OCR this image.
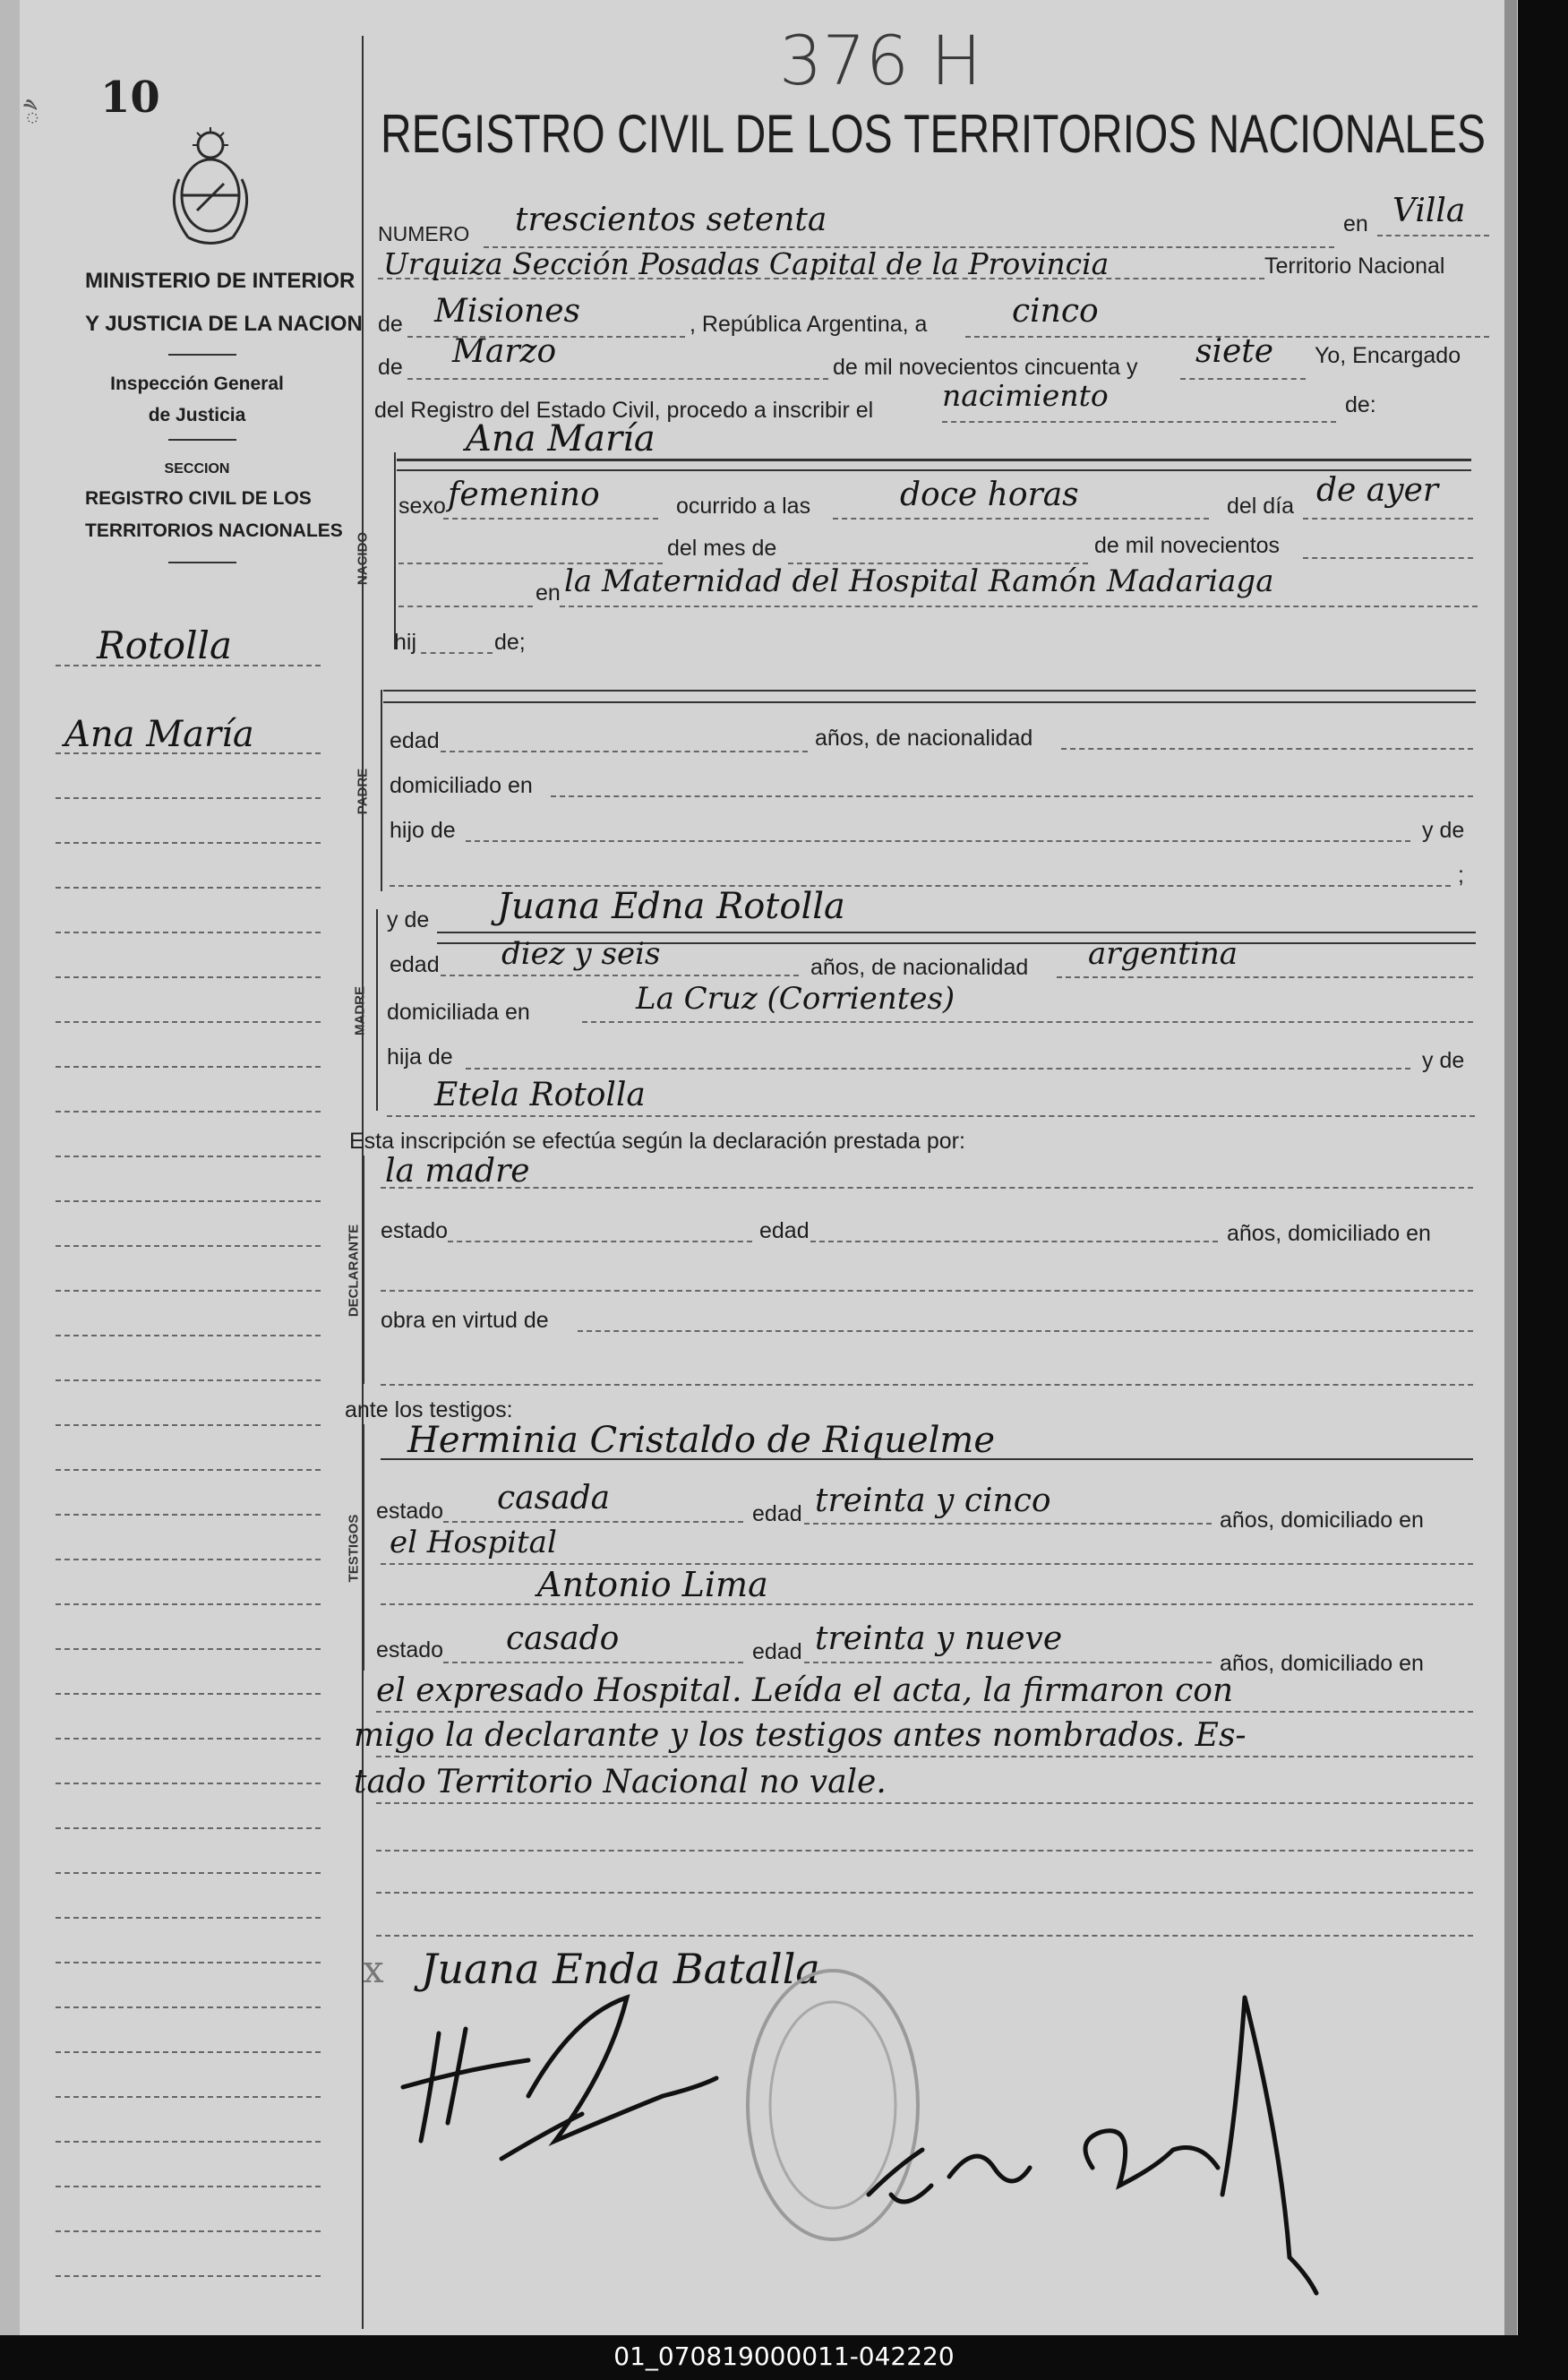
10
ཻ
MINISTERIO DE INTERIOR
Y JUSTICIA DE LA NACION
Inspección General
de Justicia
SECCION
REGISTRO CIVIL DE LOS
TERRITORIOS NACIONALES
Rotolla
Ana María
376 H
REGISTRO CIVIL DE LOS TERRITORIOS NACIONALES
NUMERO trescientos setenta	en Villa
Urquiza Sección Posadas Capital de la Provincia	Territorio Nacional
de Misiones	, República Argentina, a	cinco
de Marzo	de mil novecientos cincuenta y siete Yo, Encargado
del Registro del Estado Civil, procedo a inscribir el nacimiento	de:
NACIDO
Ana María
sexo femenino	ocurrido a las	doce horas	del día de ayer
del mes de	de mil novecientos
en la Maternidad del Hospital Ramón Madariaga
hij	de;
PADRE
edad	años, de nacionalidad
domiciliado en
hijo de	y de
;
MADRE
y de Juana Edna Rotolla
edad diez y seis	años, de nacionalidad argentina
domiciliada en	La Cruz (Corrientes)
hija de	y de
Etela Rotolla
Esta inscripción se efectúa según la declaración prestada por:
DECLARANTE
la madre
estado	edad	años, domiciliado en
obra en virtud de
ante los testigos:
TESTIGOS
Herminia Cristaldo de Riquelme
estado casada	edad treinta y cinco
años, domiciliado en
el Hospital
Antonio Lima
estado casado	edad treinta y nueve
años, domiciliado en
el expresado Hospital. Leída el acta, la firmaron con
migo la declarante y los testigos antes nombrados. Es-
tado Territorio Nacional no vale.
x Juana Enda Batalla
01_070819000011-042220
